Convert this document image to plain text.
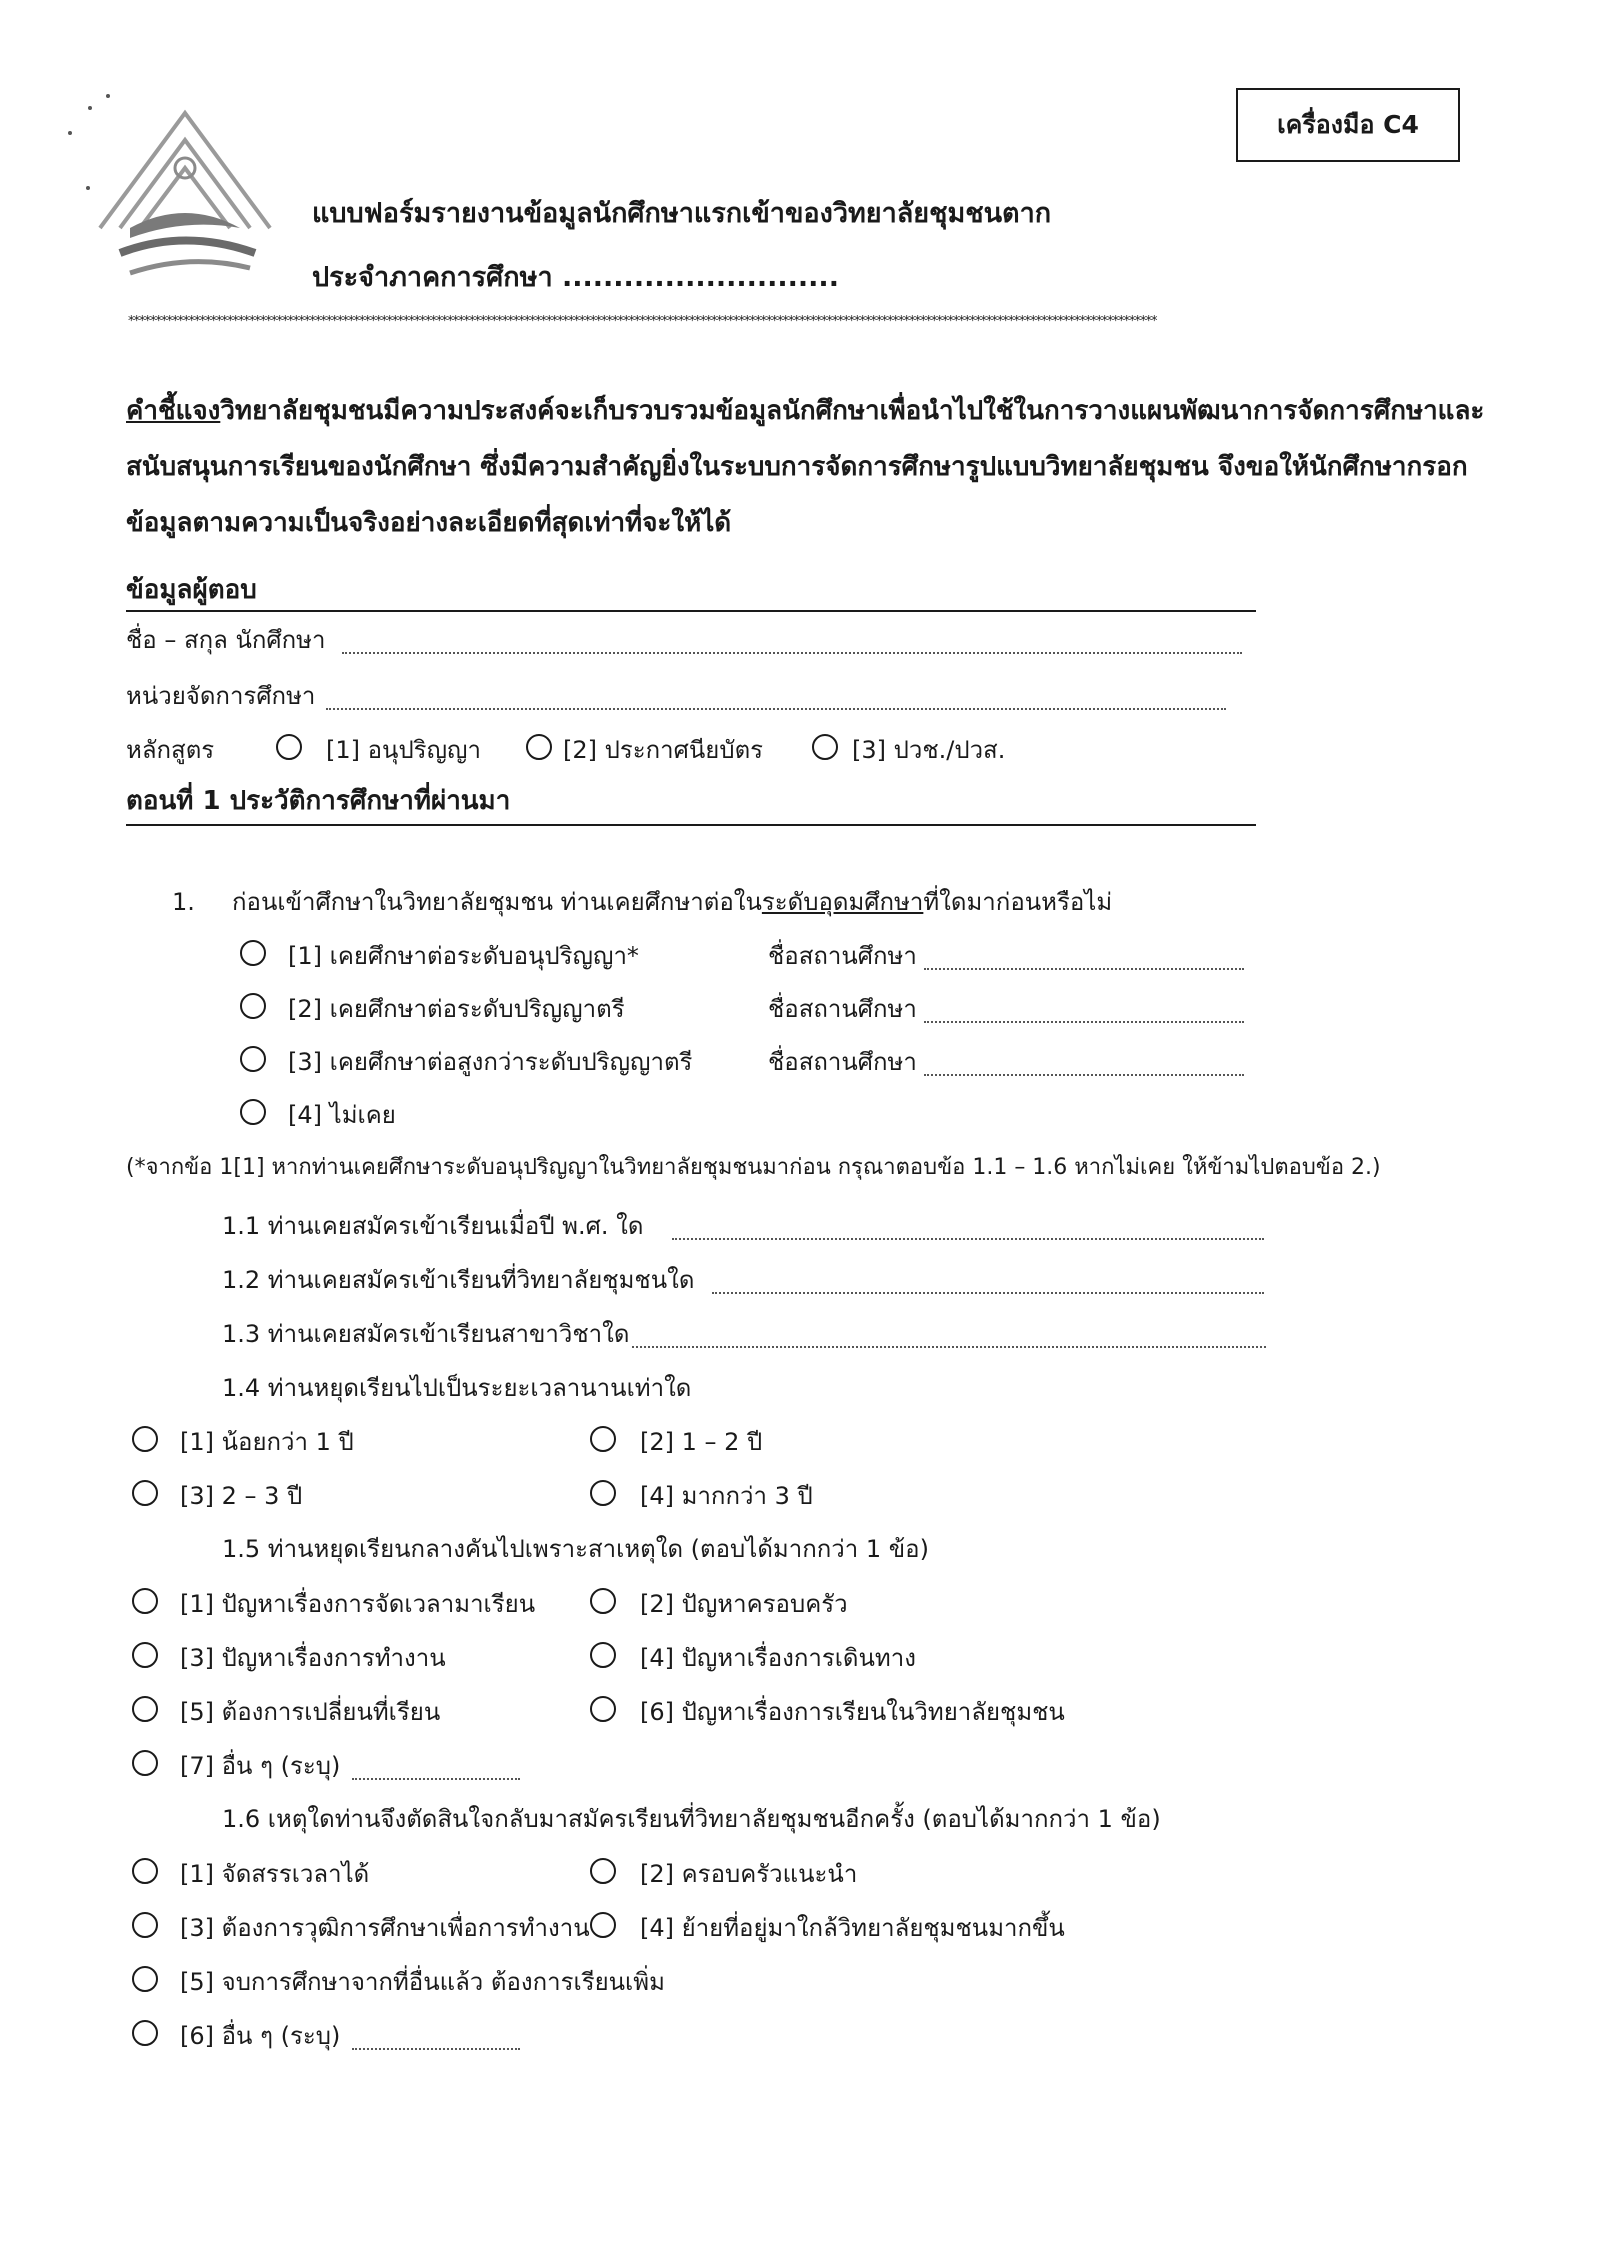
เครื่องมือ C4
แบบฟอร์มรายงานข้อมูลนักศึกษาแรกเข้าของวิทยาลัยชุมชนตาก
ประจำภาคการศึกษา ...........................
*******************************************************************************************************************************************************************************************
คำชี้แจงวิทยาลัยชุมชนมีความประสงค์จะเก็บรวบรวมข้อมูลนักศึกษาเพื่อนำไปใช้ในการวางแผนพัฒนาการจัดการศึกษาและ
สนับสนุนการเรียนของนักศึกษา ซึ่งมีความสำคัญยิ่งในระบบการจัดการศึกษารูปแบบวิทยาลัยชุมชน จึงขอให้นักศึกษากรอก
ข้อมูลตามความเป็นจริงอย่างละเอียดที่สุดเท่าที่จะให้ได้
ข้อมูลผู้ตอบ
ชื่อ – สกุล นักศึกษา
หน่วยจัดการศึกษา
หลักสูตร	[1] อนุปริญญา	[2] ประกาศนียบัตร	[3] ปวช./ปวส.
ตอนที่ 1 ประวัติการศึกษาที่ผ่านมา
1. ก่อนเข้าศึกษาในวิทยาลัยชุมชน ท่านเคยศึกษาต่อในระดับอุดมศึกษาที่ใดมาก่อนหรือไม่
[1] เคยศึกษาต่อระดับอนุปริญญา*	ชื่อสถานศึกษา
[2] เคยศึกษาต่อระดับปริญญาตรี	ชื่อสถานศึกษา
[3] เคยศึกษาต่อสูงกว่าระดับปริญญาตรี	ชื่อสถานศึกษา
[4] ไม่เคย
(*จากข้อ 1[1] หากท่านเคยศึกษาระดับอนุปริญญาในวิทยาลัยชุมชนมาก่อน กรุณาตอบข้อ 1.1 – 1.6 หากไม่เคย ให้ข้ามไปตอบข้อ 2.)
1.1 ท่านเคยสมัครเข้าเรียนเมื่อปี พ.ศ. ใด
1.2 ท่านเคยสมัครเข้าเรียนที่วิทยาลัยชุมชนใด
1.3 ท่านเคยสมัครเข้าเรียนสาขาวิชาใด
1.4 ท่านหยุดเรียนไปเป็นระยะเวลานานเท่าใด
[1] น้อยกว่า 1 ปี	[2] 1 – 2 ปี
[3] 2 – 3 ปี	[4] มากกว่า 3 ปี
1.5 ท่านหยุดเรียนกลางคันไปเพราะสาเหตุใด (ตอบได้มากกว่า 1 ข้อ)
[1] ปัญหาเรื่องการจัดเวลามาเรียน	[2] ปัญหาครอบครัว
[3] ปัญหาเรื่องการทำงาน	[4] ปัญหาเรื่องการเดินทาง
[5] ต้องการเปลี่ยนที่เรียน	[6] ปัญหาเรื่องการเรียนในวิทยาลัยชุมชน
[7] อื่น ๆ (ระบุ)
1.6 เหตุใดท่านจึงตัดสินใจกลับมาสมัครเรียนที่วิทยาลัยชุมชนอีกครั้ง (ตอบได้มากกว่า 1 ข้อ)
[1] จัดสรรเวลาได้	[2] ครอบครัวแนะนำ
[3] ต้องการวุฒิการศึกษาเพื่อการทำงาน [4] ย้ายที่อยู่มาใกล้วิทยาลัยชุมชนมากขึ้น
[5] จบการศึกษาจากที่อื่นแล้ว ต้องการเรียนเพิ่ม
[6] อื่น ๆ (ระบุ)
